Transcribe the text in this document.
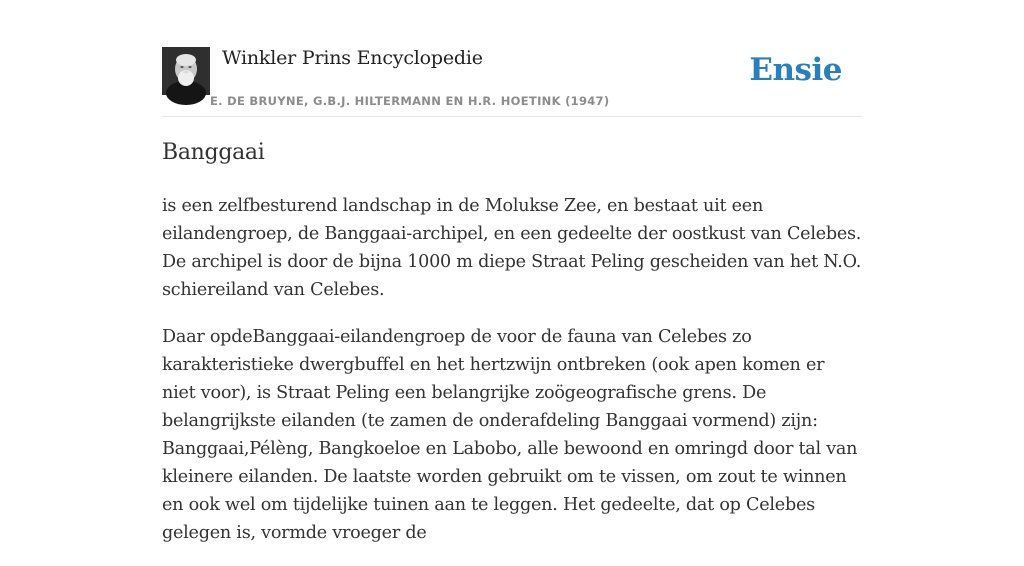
Winkler Prins Encyclopedie
E. DE BRUYNE, G.B.J. HILTERMANN EN H.R. HOETINK (1947)
Ensie
Banggaai

is een zelfbesturend landschap in de Molukse Zee, en bestaat uit een eilandengroep, de Banggaai-archipel, en een gedeelte der oostkust van Celebes. De archipel is door de bijna 1000 m diepe Straat Peling gescheiden van het N.O. schiereiland van Celebes.

Daar opdeBanggaai-eilandengroep de voor de fauna van Celebes zo karakteristieke dwergbuffel en het hertzwijn ontbreken (ook apen komen er niet voor), is Straat Peling een belangrijke zoögeografische grens. De belangrijkste eilanden (te zamen de onderafdeling Banggaai vormend) zijn: Banggaai,Pélèng, Bangkoeloe en Labobo, alle bewoond en omringd door tal van kleinere eilanden. De laatste worden gebruikt om te vissen, om zout te winnen en ook wel om tijdelijke tuinen aan te leggen. Het gedeelte, dat op Celebes gelegen is, vormde vroeger de
